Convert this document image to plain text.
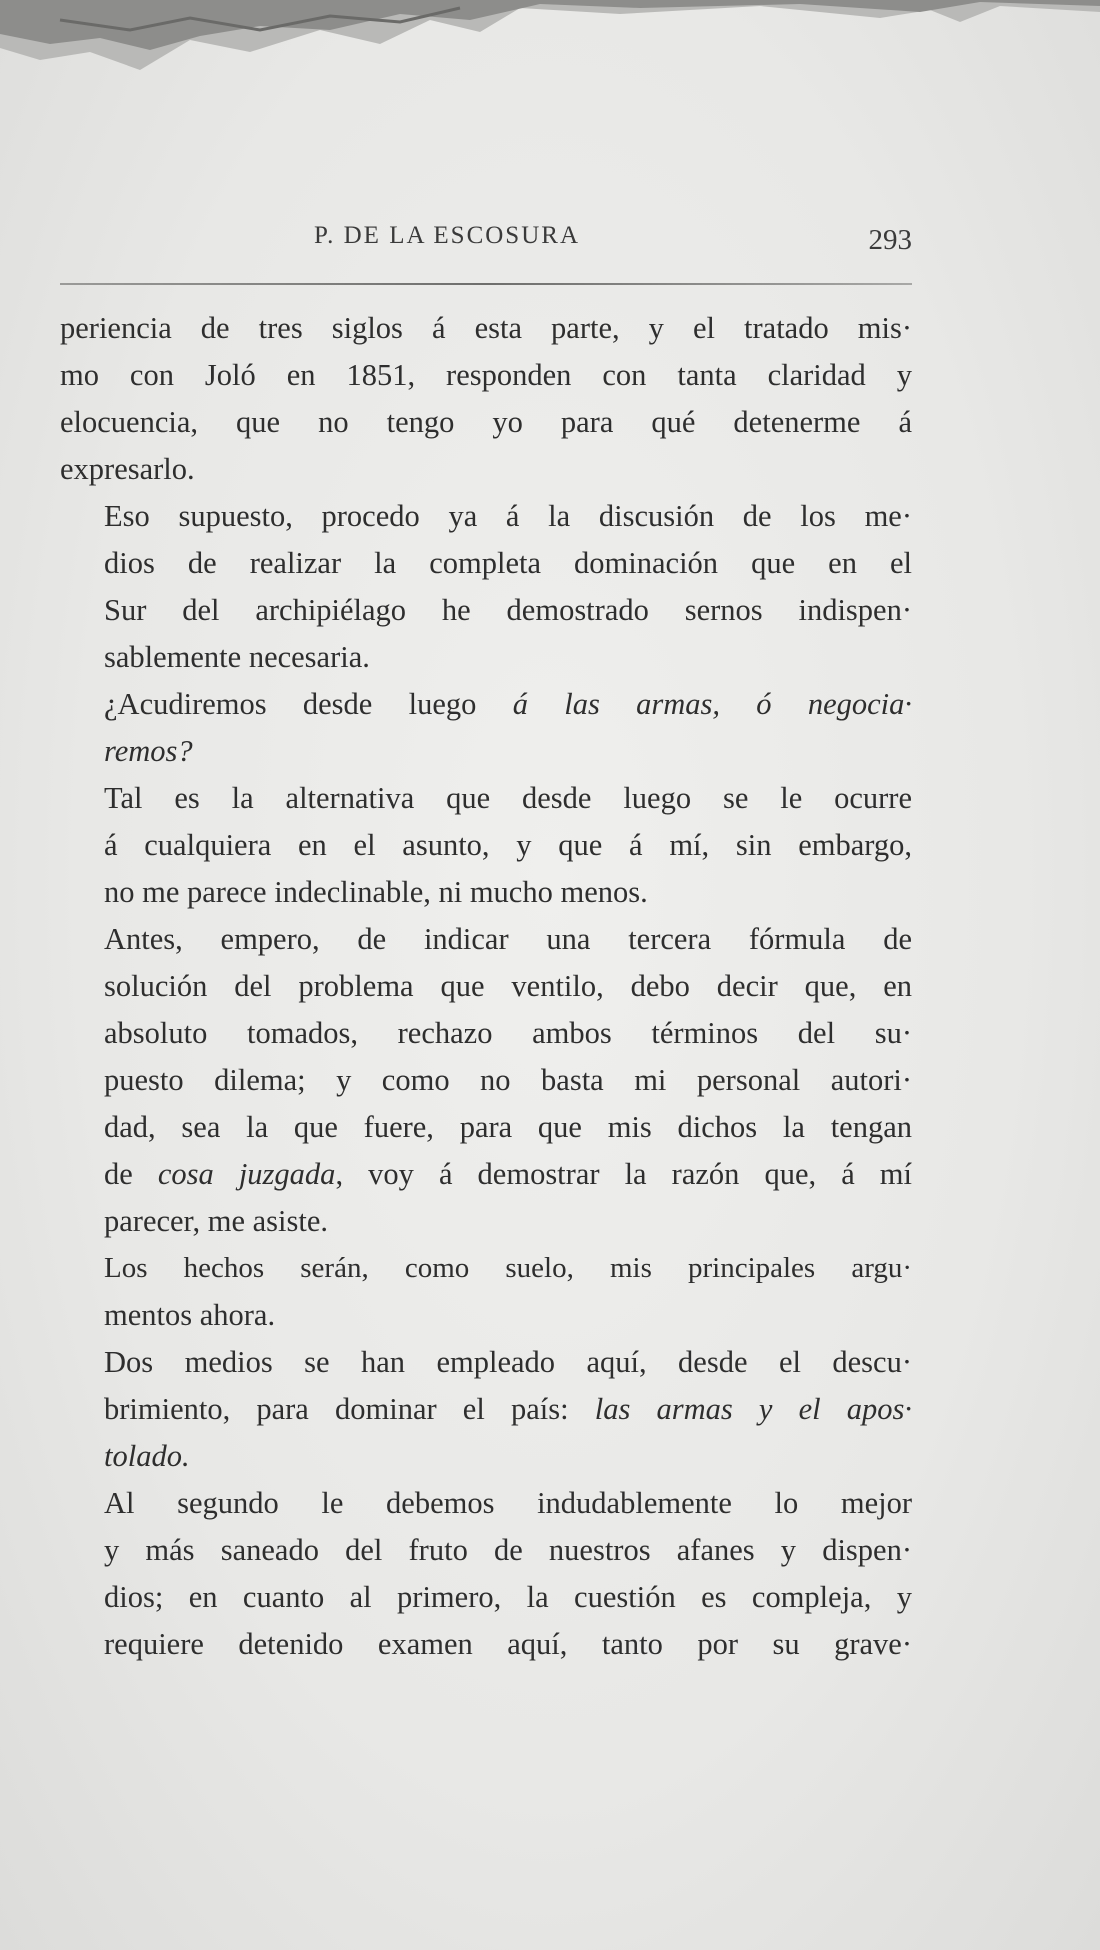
P. DE LA ESCOSURA	293

periencia de tres siglos á esta parte, y el tratado mis·
mo con Joló en 1851, responden con tanta claridad y
elocuencia, que no tengo yo para qué detenerme á
expresarlo.

Eso supuesto, procedo ya á la discusión de los me·
dios de realizar la completa dominación que en el
Sur del archipiélago he demostrado sernos indispen·
sablemente necesaria.

¿Acudiremos desde luego á las armas, ó negocia·
remos?

Tal es la alternativa que desde luego se le ocurre
á cualquiera en el asunto, y que á mí, sin embargo,
no me parece indeclinable, ni mucho menos.

Antes, empero, de indicar una tercera fórmula de
solución del problema que ventilo, debo decir que, en
absoluto tomados, rechazo ambos términos del su·
puesto dilema; y como no basta mi personal autori·
dad, sea la que fuere, para que mis dichos la tengan
de cosa juzgada, voy á demostrar la razón que, á mí
parecer, me asiste.

Los hechos serán, como suelo, mis principales argu·
mentos ahora.

Dos medios se han empleado aquí, desde el descu·
brimiento, para dominar el país: las armas y el apos·
tolado.

Al segundo le debemos indudablemente lo mejor
y más saneado del fruto de nuestros afanes y dispen·
dios; en cuanto al primero, la cuestión es compleja, y
requiere detenido examen aquí, tanto por su grave·
